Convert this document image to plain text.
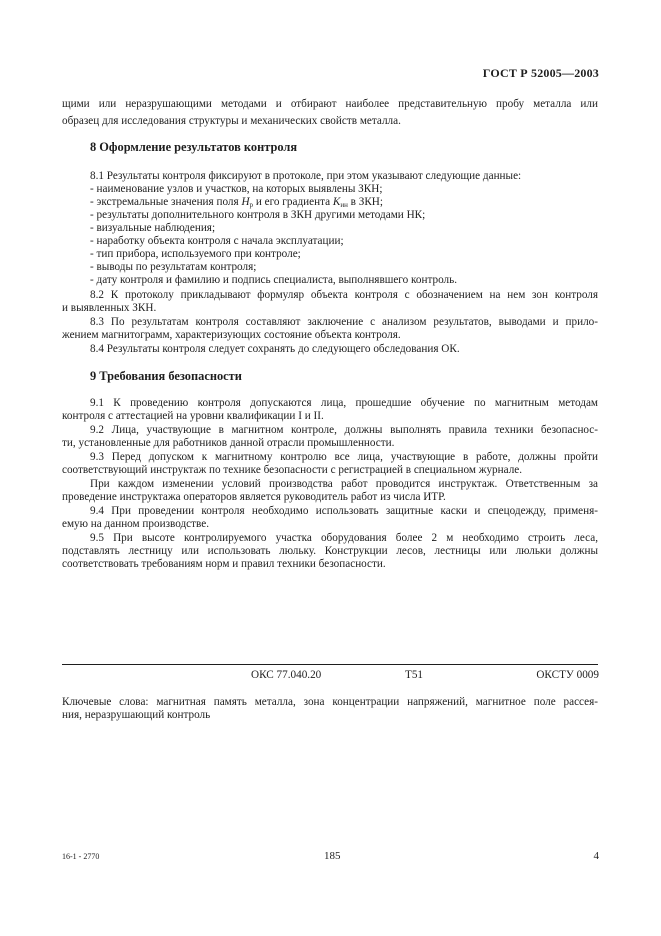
ГОСТ Р 52005—2003
щими или неразрушающими методами и отбирают наиболее представительную пробу металла или
образец для исследования структуры и механических свойств металла.
8 Оформление результатов контроля
8.1 Результаты контроля фиксируют в протоколе, при этом указывают следующие данные:
- наименование узлов и участков, на которых выявлены ЗКН;
- экстремальные значения поля $H_p$ и его градиента $K_{ин}$ в ЗКН;
- результаты дополнительного контроля в ЗКН другими методами НК;
- визуальные наблюдения;
- наработку объекта контроля с начала эксплуатации;
- тип прибора, используемого при контроле;
- выводы по результатам контроля;
- дату контроля и фамилию и подпись специалиста, выполнявшего контроль.
8.2 К протоколу прикладывают формуляр объекта контроля с обозначением на нем зон контроля
и выявленных ЗКН.
8.3 По результатам контроля составляют заключение с анализом результатов, выводами и прило-
жением магнитограмм, характеризующих состояние объекта контроля.
8.4 Результаты контроля следует сохранять до следующего обследования ОК.
9 Требования безопасности
9.1 К проведению контроля допускаются лица, прошедшие обучение по магнитным методам
контроля с аттестацией на уровни квалификации I и II.
9.2 Лица, участвующие в магнитном контроле, должны выполнять правила техники безопаснос-
ти, установленные для работников данной отрасли промышленности.
9.3 Перед допуском к магнитному контролю все лица, участвующие в работе, должны пройти
соответствующий инструктаж по технике безопасности с регистрацией в специальном журнале.
При каждом изменении условий производства работ проводится инструктаж. Ответственным за
проведение инструктажа операторов является руководитель работ из числа ИТР.
9.4 При проведении контроля необходимо использовать защитные каски и спецодежду, применя-
емую на данном производстве.
9.5 При высоте контролируемого участка оборудования более 2 м необходимо строить леса,
подставлять лестницу или использовать люльку. Конструкции лесов, лестницы или люльки должны
соответствовать требованиям норм и правил техники безопасности.
ОКС 77.040.20	Т51	ОКСТУ 0009
Ключевые слова: магнитная память металла, зона концентрации напряжений, магнитное поле рассея-
ния, неразрушающий контроль
16-1 - 2770	185	4
